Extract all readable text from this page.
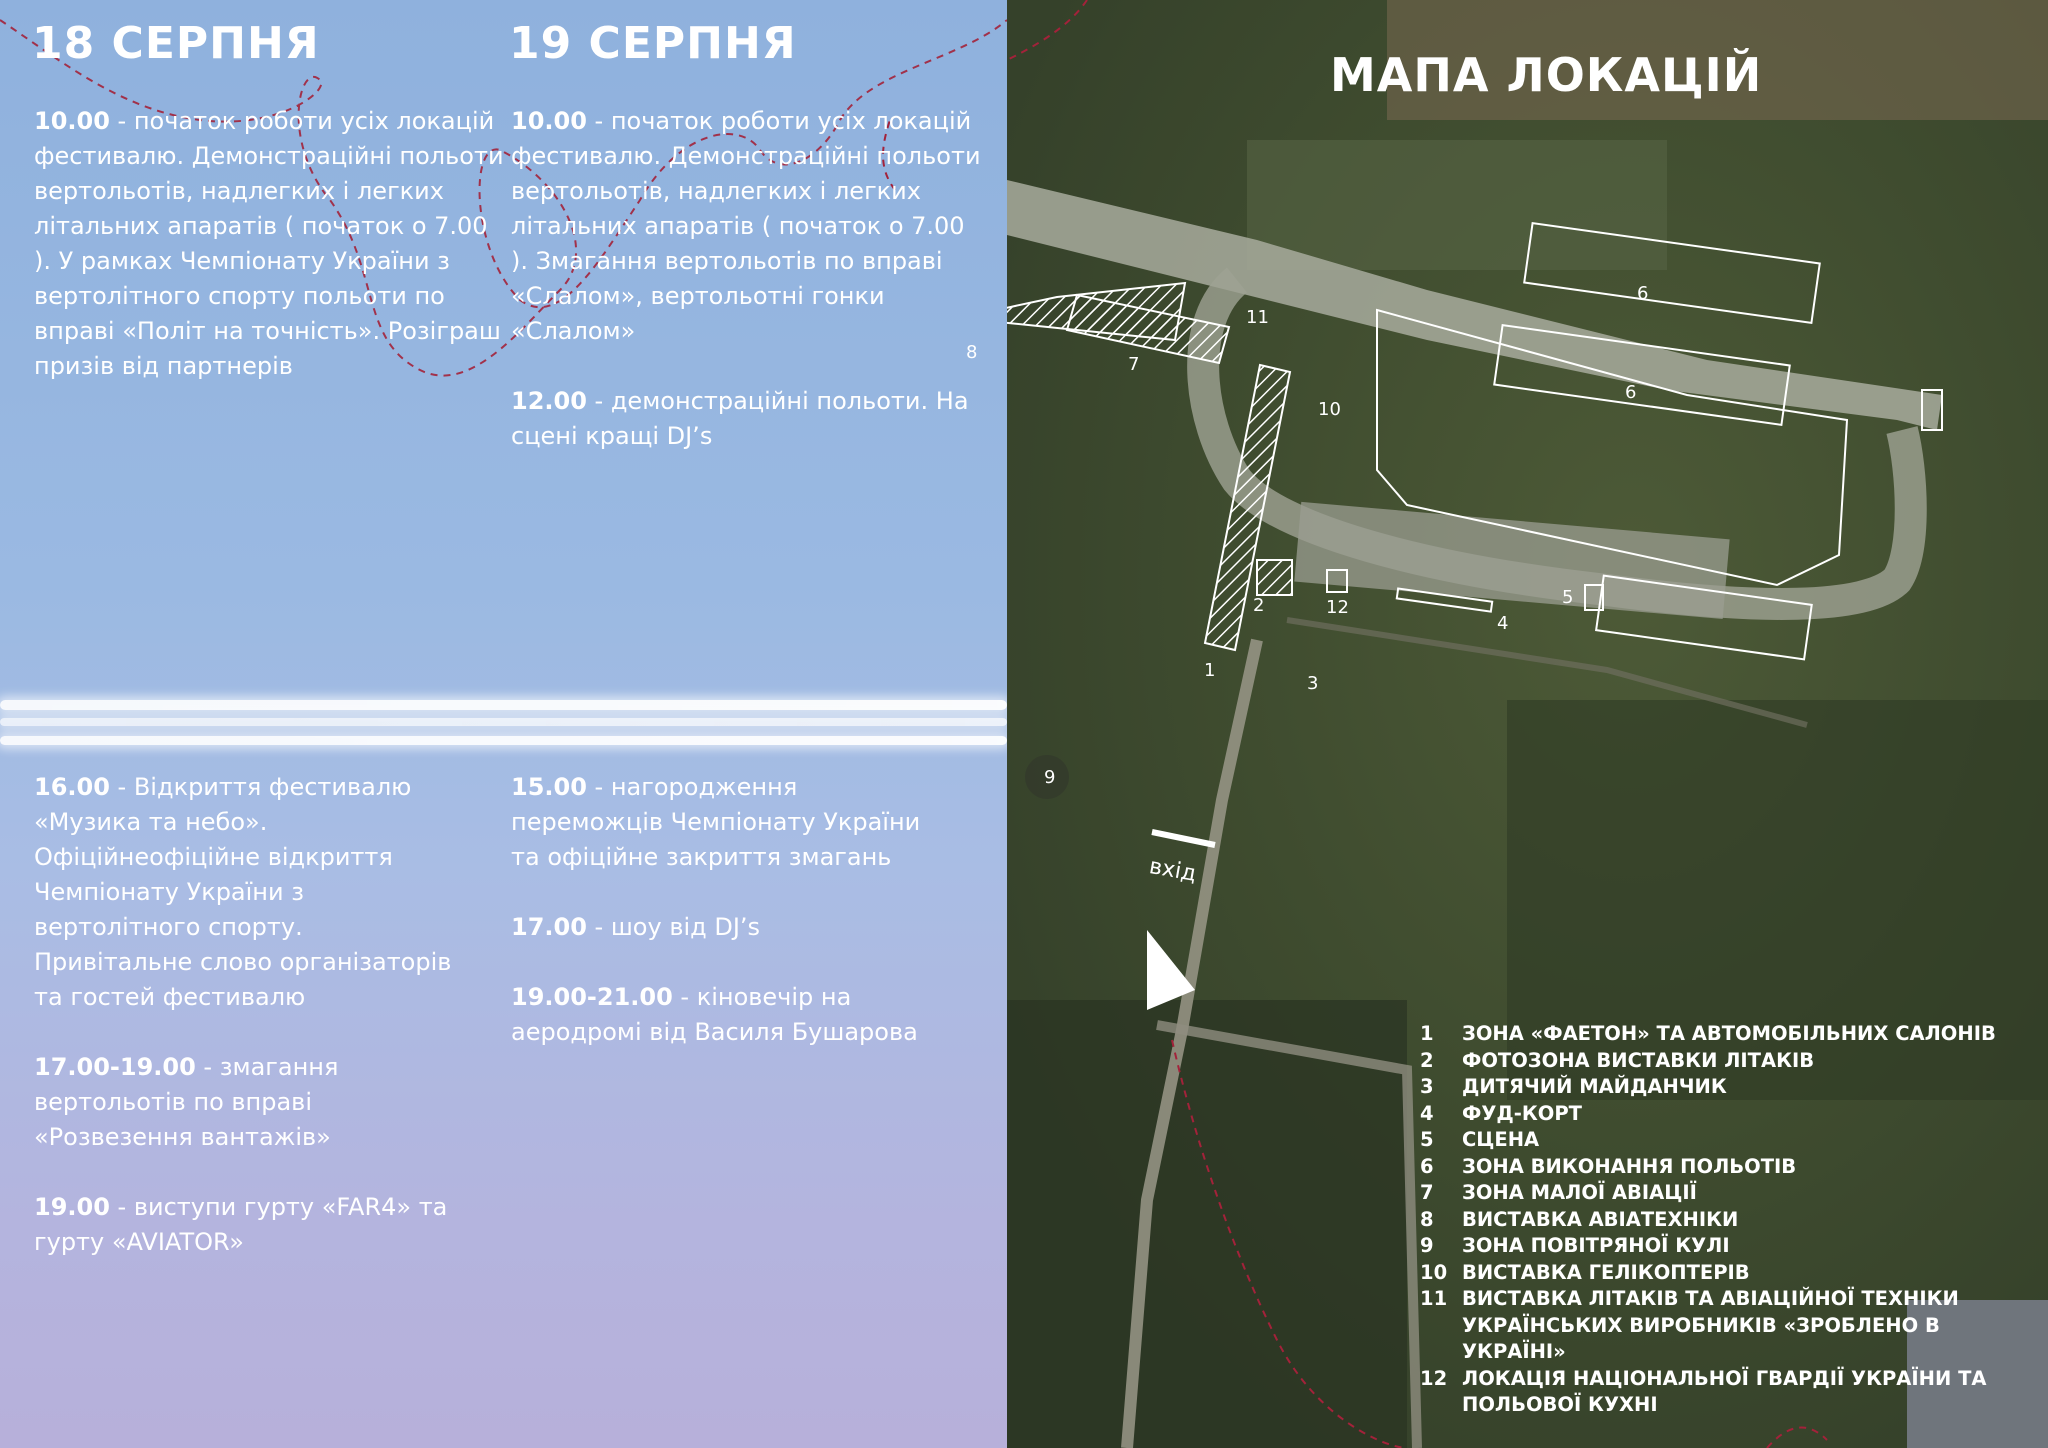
18 СЕРПНЯ	19 СЕРПНЯ

10.00 - початок роботи усіх локацій фестивалю. Демонстраційні польоти вертольотів, надлегких і легких літальних апаратів ( початок о 7.00 ). У рамках Чемпіонату України з вертолітного спорту польоти по вправі «Політ на точність». Розіграш призів від партнерів

10.00 - початок роботи усіх локацій фестивалю. Демонстраційні польоти вертольотів, надлегких і легких літальних апаратів ( початок о 7.00 ). Змагання вертольотів по вправі «Слалом», вертольотні гонки «Слалом»

12.00 - демонстраційні польоти. На сцені кращі DJ’s

16.00 - Відкриття фестивалю «Музика та небо». Офіційнеофіційне відкриття Чемпіонату України з вертолітного спорту. Привітальне слово організаторів та гостей фестивалю

17.00-19.00 - змагання вертольотів по вправі «Розвезення вантажів»

19.00 - виступи гурту «FAR4» та гурту «AVIATOR»

15.00 - нагородження переможців Чемпіонату України та офіційне закриття змагань

17.00 - шоу від DJ’s

19.00-21.00 - кіновечір на аеродромі від Василя Бушарова

МАПА ЛОКАЦІЙ
1
2
3
4
5
6
6
7
8
9
10
11
12
вхід
1	ЗОНА «ФАЕТОН» ТА АВТОМОБІЛЬНИХ САЛОНІВ
2	ФОТОЗОНА ВИСТАВКИ ЛІТАКІВ
3	ДИТЯЧИЙ МАЙДАНЧИК
4	ФУД-КОРТ
5	СЦЕНА
6	ЗОНА ВИКОНАННЯ ПОЛЬОТІВ
7	ЗОНА МАЛОЇ АВІАЦІЇ
8	ВИСТАВКА АВІАТЕХНІКИ
9	ЗОНА ПОВІТРЯНОЇ КУЛІ
10 ВИСТАВКА ГЕЛІКОПТЕРІВ
11 ВИСТАВКА ЛІТАКІВ ТА АВІАЦІЙНОЇ ТЕХНІКИ УКРАЇНСЬКИХ ВИРОБНИКІВ «ЗРОБЛЕНО В УКРАЇНІ»
12 ЛОКАЦІЯ НАЦІОНАЛЬНОЇ ГВАРДІЇ УКРАЇНИ ТА ПОЛЬОВОЇ КУХНІ
